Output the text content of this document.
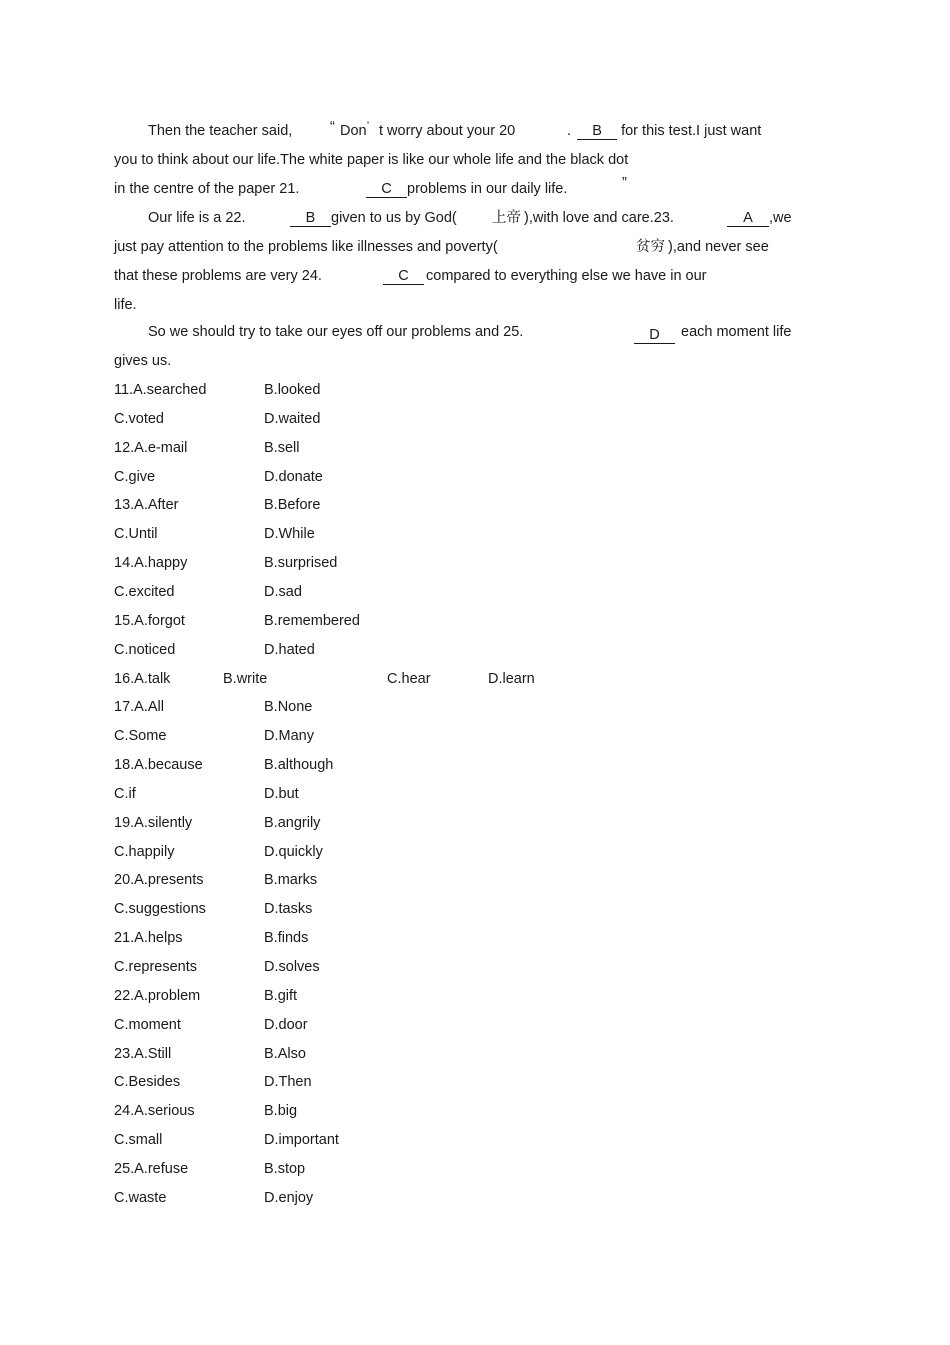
Then the teacher said,	“ Don’ t worry about your 20	. B for this test.I just want
you to think about our life.The white paper is like our whole life and the black dot
in the centre of the paper 21.	C problems in our daily life.	”
Our life is a 22.	B given to us by God( 上帝 ),with love and care.23.	A ,we
just pay attention to the problems like illnesses and poverty(	贫穷 ),and never see
that these problems are very 24.	C compared to everything else we have in our
life.
So we should try to take our eyes off our problems and 25.	D each moment life
gives us.
11.A.searched	B.looked
C.voted	D.waited
12.A.e-mail	B.sell
C.give	D.donate
13.A.After	B.Before
C.Until	D.While
14.A.happy	B.surprised
C.excited	D.sad
15.A.forgot	B.remembered
C.noticed	D.hated
16.A.talk	B.write	C.hear	D.learn
17.A.All	B.None
C.Some	D.Many
18.A.because	B.although
C.if	D.but
19.A.silently	B.angrily
C.happily	D.quickly
20.A.presents	B.marks
C.suggestions	D.tasks
21.A.helps	B.finds
C.represents	D.solves
22.A.problem	B.gift
C.moment	D.door
23.A.Still	B.Also
C.Besides	D.Then
24.A.serious	B.big
C.small	D.important
25.A.refuse	B.stop
C.waste	D.enjoy
